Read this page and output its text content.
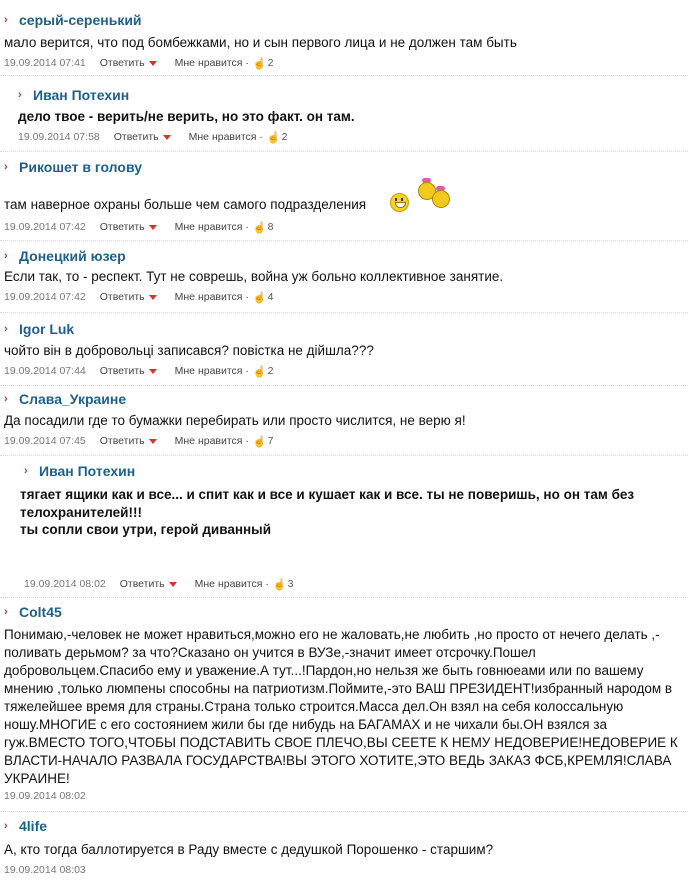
› серый-серенький
мало верится, что под бомбежками, но и сын первого лица и не должен там быть
19.09.2014 07:41 Ответить	Мне нравится · ☝ 2
› Иван Потехин
дело твое - верить/не верить, но это факт. он там.
19.09.2014 07:58 Ответить	Мне нравится · ☝ 2
› Рикошет в голову
там наверное охраны больше чем самого подразделения
19.09.2014 07:42 Ответить	Мне нравится · ☝ 8
› Донецкий юзер
Если так, то - респект. Тут не соврешь, война уж больно коллективное занятие.
19.09.2014 07:42 Ответить	Мне нравится · ☝ 4
› Igor Luk
чойто він в добровольці записався? повістка не дійшла???
19.09.2014 07:44 Ответить	Мне нравится · ☝ 2
› Слава_Украине
Да посадили где то бумажки перебирать или просто числится, не верю я!
19.09.2014 07:45 Ответить	Мне нравится · ☝ 7
› Иван Потехин
тягает ящики как и все... и спит как и все и кушает как и все. ты не поверишь, но он там без телохранителей!!!
ты сопли свои утри, герой диванный
19.09.2014 08:02 Ответить	Мне нравится · ☝ 3
› Colt45
Понимаю,-человек не может нравиться,можно его не жаловать,не любить ,но просто от нечего делать ,-поливать дерьмом? за что?Сказано он учится в ВУЗе,-значит имеет отсрочку.Пошел добровольцем.Спасибо ему и уважение.А тут...!Пардон,но нельзя же быть говнюеами или по вашему мнению ,только люмпены способны на патриотизм.Поймите,-это ВАШ ПРЕЗИДЕНТ!избранный народом в тяжелейшее время для страны.Страна только строится.Масса дел.Он взял на себя колоссальную ношу.МНОГИЕ с его состоянием жили бы где нибудь на БАГАМАХ и не чихали бы.ОН взялся за гуж.ВМЕСТО ТОГО,ЧТОБЫ ПОДСТАВИТЬ СВОЕ ПЛЕЧО,ВЫ СЕЕТЕ К НЕМУ НЕДОВЕРИЕ!НЕДОВЕРИЕ К ВЛАСТИ-НАЧАЛО РАЗВАЛА ГОСУДАРСТВА!ВЫ ЭТОГО ХОТИТЕ,ЭТО ВЕДЬ ЗАКАЗ ФСБ,КРЕМЛЯ!СЛАВА УКРАИНЕ!
19.09.2014 08:02
› 4life
А, кто тогда баллотируется в Раду вместе с дедушкой Порошенко - старшим?
19.09.2014 08:03
